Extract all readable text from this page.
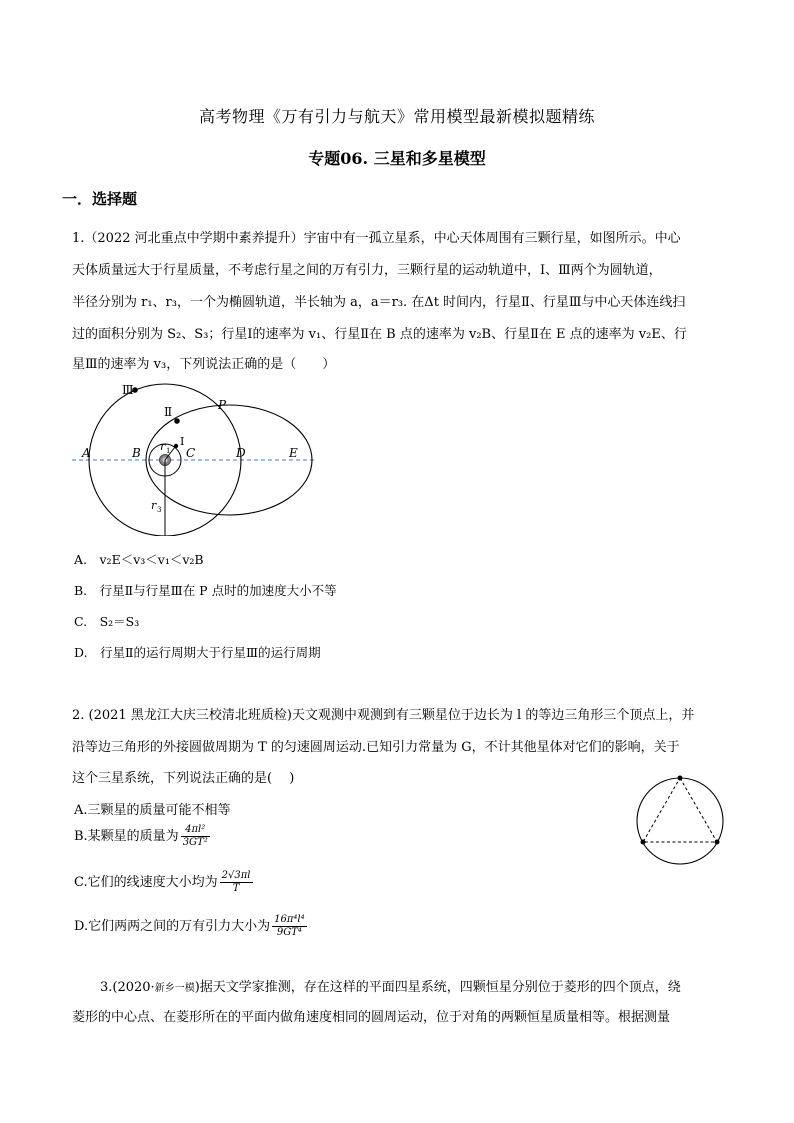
高考物理《万有引力与航天》常用模型最新模拟题精练
专题06. 三星和多星模型
一．选择题
1.（2022 河北重点中学期中素养提升）宇宙中有一孤立星系，中心天体周围有三颗行星，如图所示。中心
天体质量远大于行星质量，不考虑行星之间的万有引力，三颗行星的运动轨道中，Ⅰ、Ⅲ两个为圆轨道，
半径分别为 r₁、r₃，一个为椭圆轨道，半长轴为 a，a＝r₃. 在Δt 时间内，行星Ⅱ、行星Ⅲ与中心天体连线扫
过的面积分别为 S₂、S₃；行星Ⅰ的速率为 v₁、行星Ⅱ在 B 点的速率为 v₂B、行星Ⅱ在 E 点的速率为 v₂E、行
星Ⅲ的速率为 v₃，下列说法正确的是（　　）
Ⅲ
Ⅱ
Ⅰ
P
A	B	C	D	E
r 1
r 3
A.　v₂E＜v₃＜v₁＜v₂B
B.　行星Ⅱ与行星Ⅲ在 P 点时的加速度大小不等
C.　S₂＝S₃
D.　行星Ⅱ的运行周期大于行星Ⅲ的运行周期
2. (2021 黑龙江大庆三校清北班质检)天文观测中观测到有三颗星位于边长为 l 的等边三角形三个顶点上，并
沿等边三角形的外接圆做周期为 T 的匀速圆周运动.已知引力常量为 G，不计其他星体对它们的影响，关于
这个三星系统，下列说法正确的是(　 )
A.三颗星的质量可能不相等
B.某颗星的质量为 $\frac{\text{4πl²}}{\text{3GT²}}$
C.它们的线速度大小均为 $\frac{2√3\pi l}{T}$
D.它们两两之间的万有引力大小为 $\frac{\text{16π⁴l⁴}}{\text{9GT⁴}}$
3.(2020·新乡一模)据天文学家推测，存在这样的平面四星系统，四颗恒星分别位于菱形的四个顶点，绕
菱形的中心点、在菱形所在的平面内做角速度相同的圆周运动，位于对角的两颗恒星质量相等。根据测量
